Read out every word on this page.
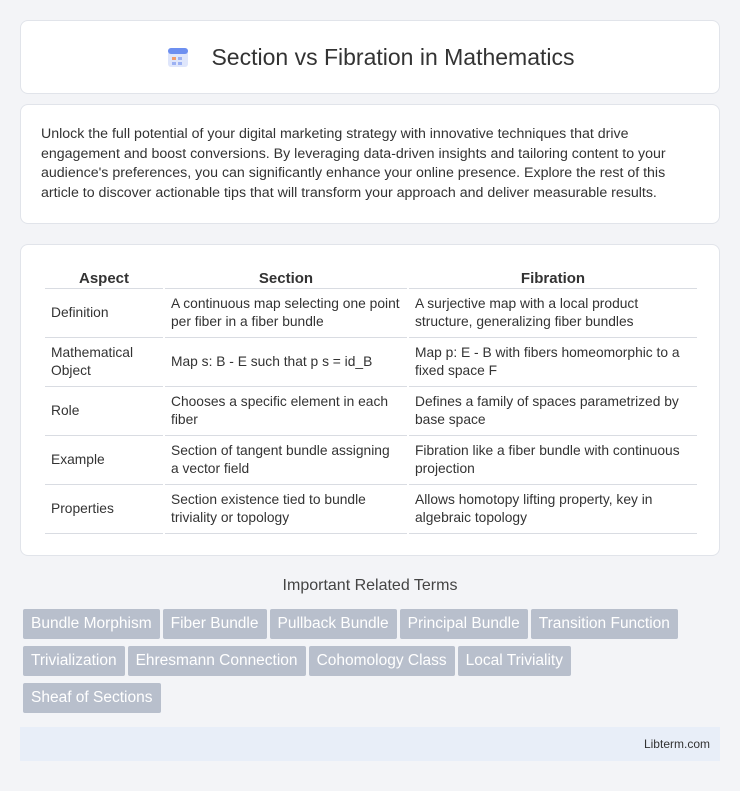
Section vs Fibration in Mathematics

Unlock the full potential of your digital marketing strategy with innovative techniques that drive engagement and boost conversions. By leveraging data-driven insights and tailoring content to your audience's preferences, you can significantly enhance your online presence. Explore the rest of this article to discover actionable tips that will transform your approach and deliver measurable results.

Aspect	Section	Fibration
Definition	A continuous map selecting one point per fiber in a fiber bundle	A surjective map with a local product structure, generalizing fiber bundles
Mathematical Object	Map s: B - E such that p s = id_B	Map p: E - B with fibers homeomorphic to a fixed space F
Role	Chooses a specific element in each fiber	Defines a family of spaces parametrized by base space
Example	Section of tangent bundle assigning a vector field	Fibration like a fiber bundle with continuous projection
Properties	Section existence tied to bundle triviality or topology	Allows homotopy lifting property, key in algebraic topology
Important Related Terms
Bundle Morphism Fiber Bundle Pullback Bundle Principal Bundle Transition Function
Trivialization Ehresmann Connection Cohomology Class Local Triviality
Sheaf of Sections
Libterm.com
